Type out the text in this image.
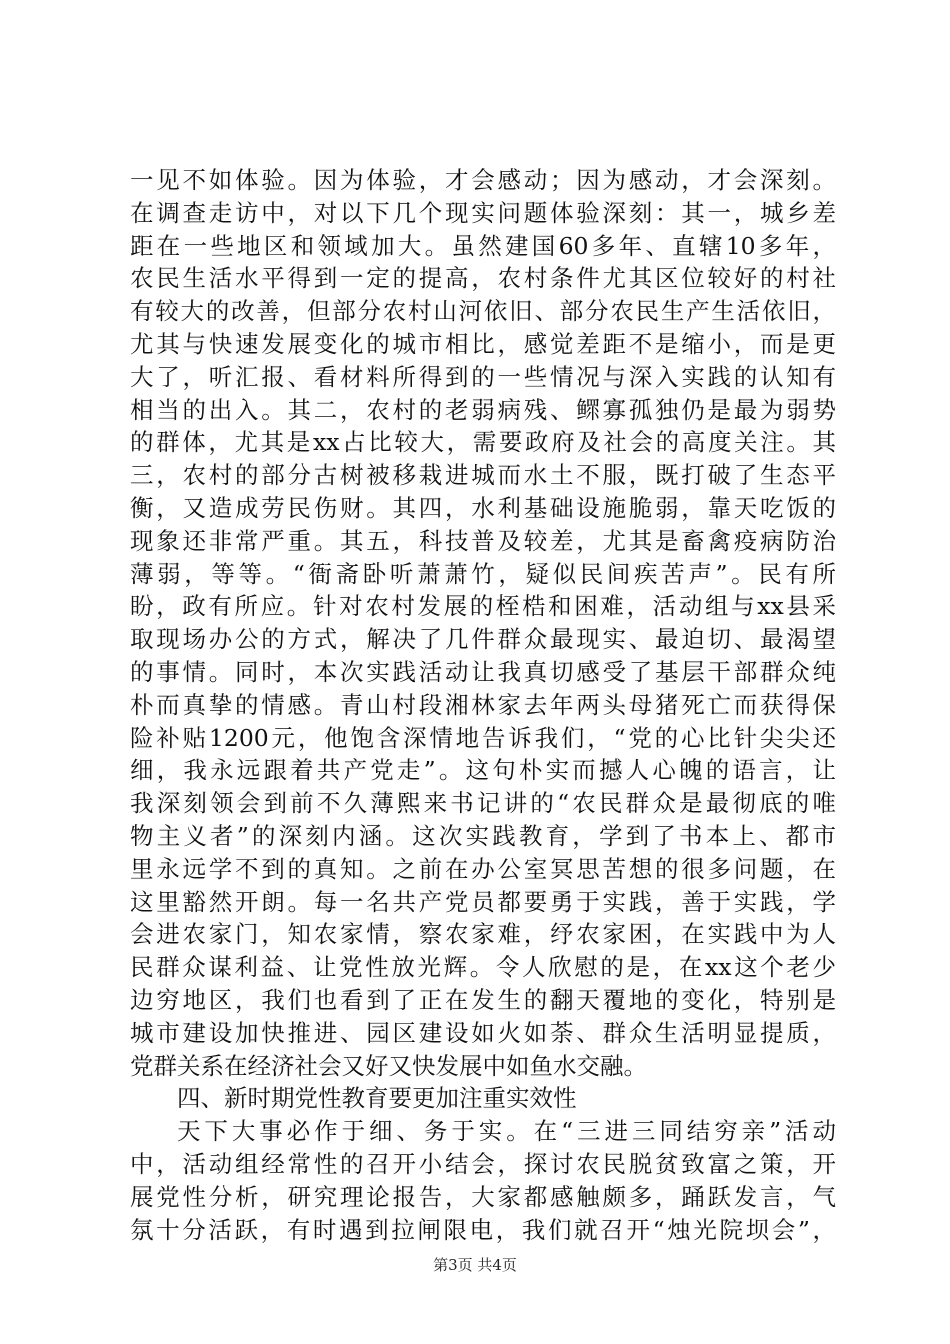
一见不如体验。因为体验，才会感动；因为感动，才会深刻。
在调查走访中，对以下几个现实问题体验深刻：其一，城乡差
距在一些地区和领域加大。虽然建国60多年、直辖10多年，
农民生活水平得到一定的提高，农村条件尤其区位较好的村社
有较大的改善，但部分农村山河依旧、部分农民生产生活依旧，
尤其与快速发展变化的城市相比，感觉差距不是缩小，而是更
大了，听汇报、看材料所得到的一些情况与深入实践的认知有
相当的出入。其二，农村的老弱病残、鳏寡孤独仍是最为弱势
的群体，尤其是xx占比较大，需要政府及社会的高度关注。其
三，农村的部分古树被移栽进城而水土不服，既打破了生态平
衡，又造成劳民伤财。其四，水利基础设施脆弱，靠天吃饭的
现象还非常严重。其五，科技普及较差，尤其是畜禽疫病防治
薄弱，等等。“衙斋卧听萧萧竹，疑似民间疾苦声”。民有所
盼，政有所应。针对农村发展的桎梏和困难，活动组与xx县采
取现场办公的方式，解决了几件群众最现实、最迫切、最渴望
的事情。同时，本次实践活动让我真切感受了基层干部群众纯
朴而真挚的情感。青山村段湘林家去年两头母猪死亡而获得保
险补贴1200元，他饱含深情地告诉我们，“党的心比针尖尖还
细，我永远跟着共产党走”。这句朴实而撼人心魄的语言，让
我深刻领会到前不久薄熙来书记讲的“农民群众是最彻底的唯
物主义者”的深刻内涵。这次实践教育，学到了书本上、都市
里永远学不到的真知。之前在办公室冥思苦想的很多问题，在
这里豁然开朗。每一名共产党员都要勇于实践，善于实践，学
会进农家门，知农家情，察农家难，纾农家困，在实践中为人
民群众谋利益、让党性放光辉。令人欣慰的是，在xx这个老少
边穷地区，我们也看到了正在发生的翻天覆地的变化，特别是
城市建设加快推进、园区建设如火如荼、群众生活明显提质，
党群关系在经济社会又好又快发展中如鱼水交融。
四、新时期党性教育要更加注重实效性
天下大事必作于细、务于实。在“三进三同结穷亲”活动
中，活动组经常性的召开小结会，探讨农民脱贫致富之策，开
展党性分析，研究理论报告，大家都感触颇多，踊跃发言，气
氛十分活跃，有时遇到拉闸限电，我们就召开“烛光院坝会”，
第3页 共4页
